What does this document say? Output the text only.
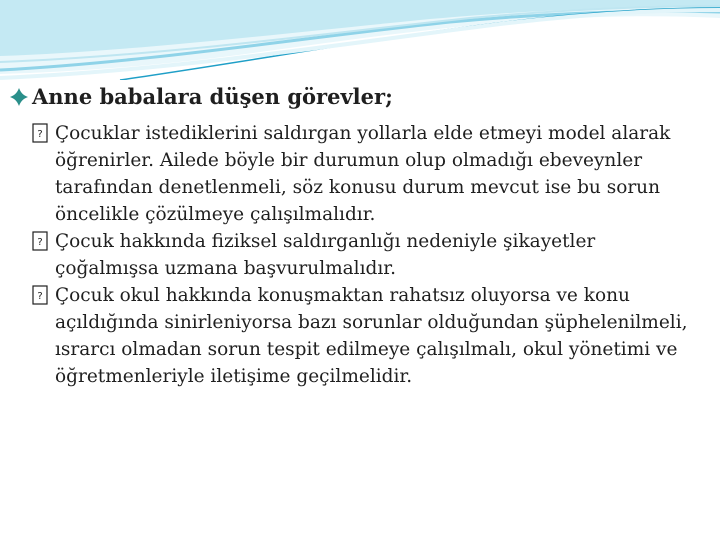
Anne babalara düşen görevler;
? Çocuklar istediklerini saldırgan yollarla elde etmeyi model alarak öğrenirler. Ailede böyle bir durumun olup olmadığı ebeveynler tarafından denetlenmeli, söz konusu durum mevcut ise bu sorun öncelikle çözülmeye çalışılmalıdır.
? Çocuk hakkında fiziksel saldırganlığı nedeniyle şikayetler çoğalmışsa uzmana başvurulmalıdır.
? Çocuk okul hakkında konuşmaktan rahatsız oluyorsa ve konu açıldığında sinirleniyorsa bazı sorunlar olduğundan şüphelenilmeli, ısrarcı olmadan sorun tespit edilmeye çalışılmalı, okul yönetimi ve öğretmenleriyle iletişime geçilmelidir.
